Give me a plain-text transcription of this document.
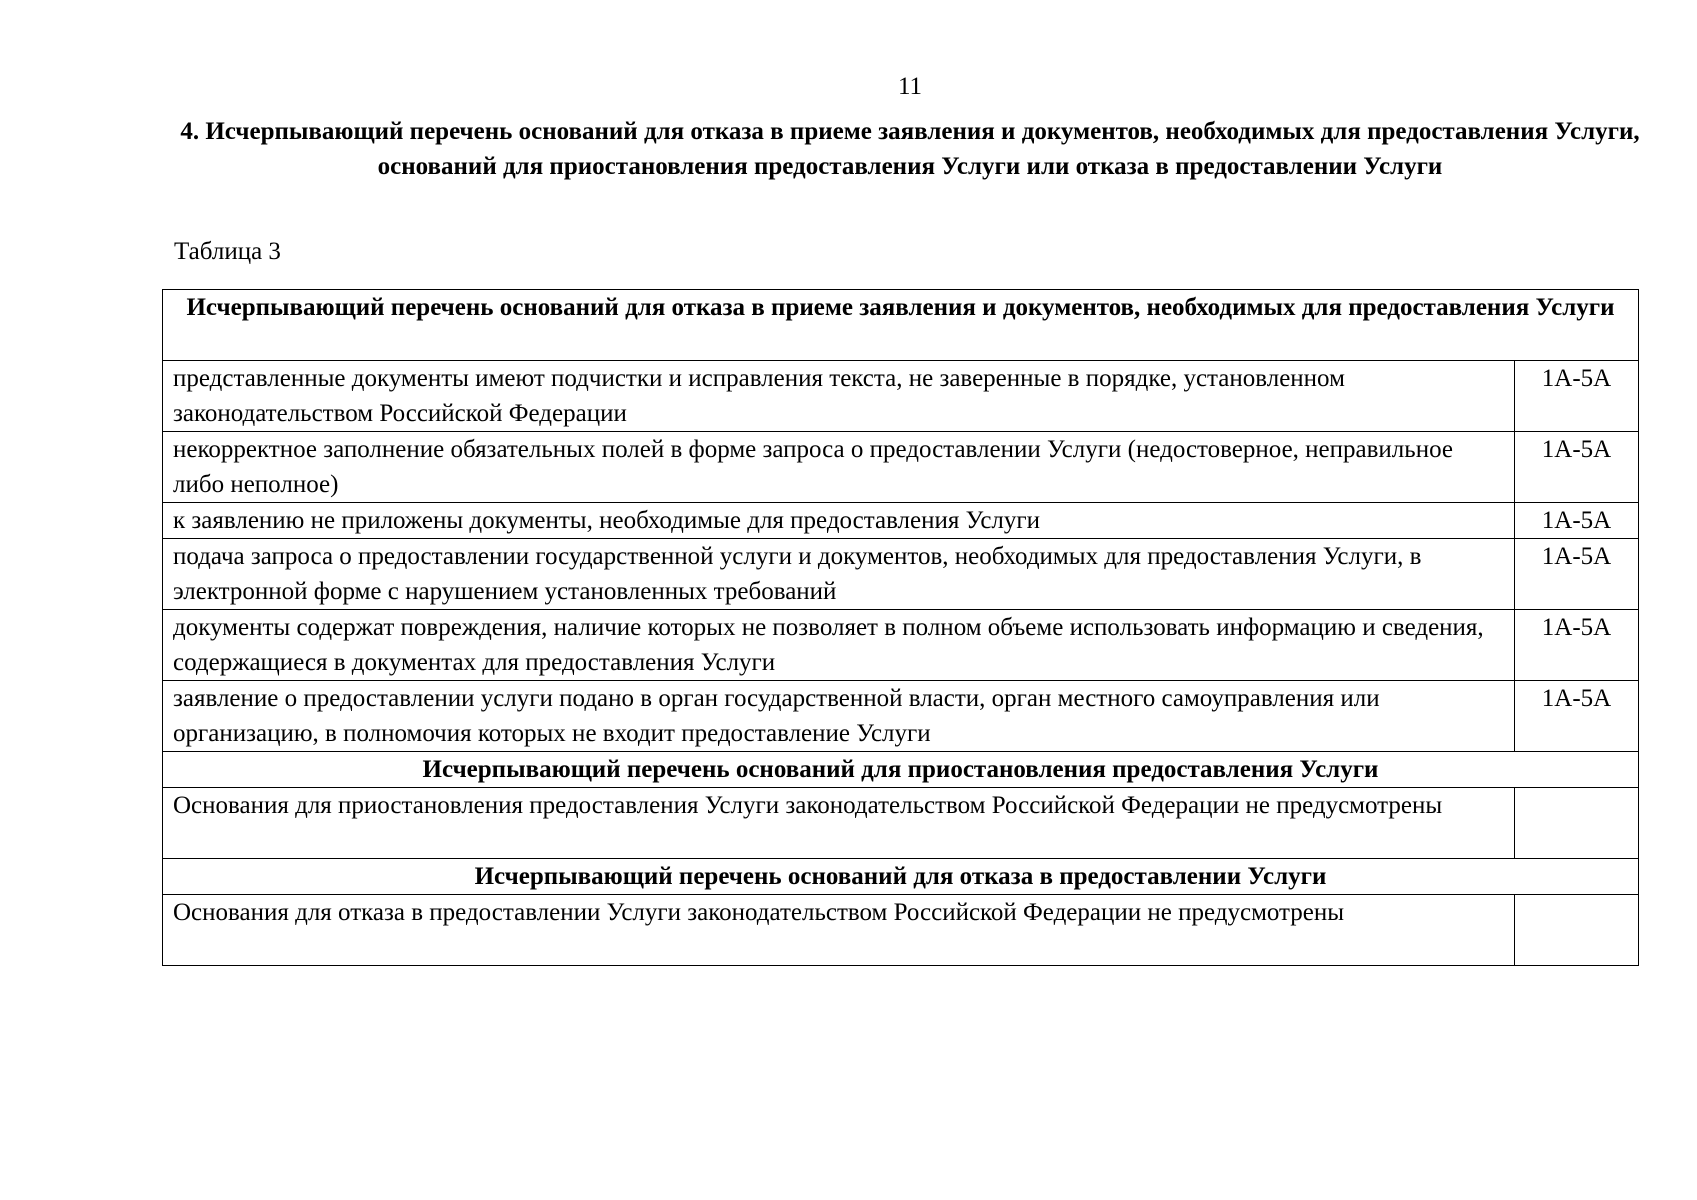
11
4. Исчерпывающий перечень оснований для отказа в приеме заявления и документов, необходимых для предоставления Услуги, оснований для приостановления предоставления Услуги или отказа в предоставлении Услуги
Таблица 3
Исчерпывающий перечень оснований для отказа в приеме заявления и документов, необходимых для предоставления Услуги	
представленные документы имеют подчистки и исправления текста, не заверенные в порядке, установленном законодательством Российской Федерации	1А-5А
некорректное заполнение обязательных полей в форме запроса о предоставлении Услуги (недостоверное, неправильное либо неполное)	1А-5А
к заявлению не приложены документы, необходимые для предоставления Услуги	1А-5А
подача запроса о предоставлении государственной услуги и документов, необходимых для предоставления Услуги, в электронной форме с нарушением установленных требований	1А-5А
документы содержат повреждения, наличие которых не позволяет в полном объеме использовать информацию и сведения, содержащиеся в документах для предоставления Услуги	1А-5А
заявление о предоставлении услуги подано в орган государственной власти, орган местного самоуправления или организацию, в полномочия которых не входит предоставление Услуги	1А-5А
Исчерпывающий перечень оснований для приостановления предоставления Услуги	
Основания для приостановления предоставления Услуги законодательством Российской Федерации не предусмотрены	
Исчерпывающий перечень оснований для отказа в предоставлении Услуги	
Основания для отказа в предоставлении Услуги законодательством Российской Федерации не предусмотрены	
